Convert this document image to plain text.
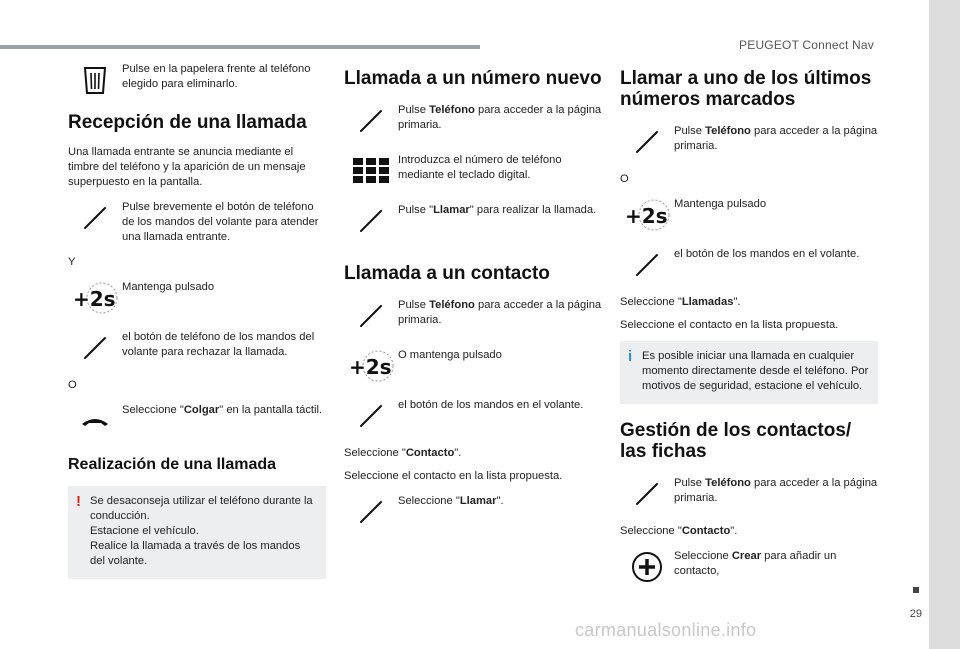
PEUGEOT Connect Nav
29
carmanualsonline.info
Pulse en la papelera frente al teléfono elegido para eliminarlo.
Recepción de una llamada
Una llamada entrante se anuncia mediante el timbre del teléfono y la aparición de un mensaje superpuesto en la pantalla.
Pulse brevemente el botón de teléfono de los mandos del volante para atender una llamada entrante.
Y
+2s Mantenga pulsado
el botón de teléfono de los mandos del volante para rechazar la llamada.
O
Seleccione "Colgar" en la pantalla táctil.
Realización de una llamada
! Se desaconseja utilizar el teléfono durante la conducción.
Estacione el vehículo.
Realice la llamada a través de los mandos del volante.
Llamada a un número nuevo
Pulse Teléfono para acceder a la página primaria.
Introduzca el número de teléfono mediante el teclado digital.
Pulse "Llamar" para realizar la llamada.
Llamada a un contacto
Pulse Teléfono para acceder a la página primaria.
+2s O mantenga pulsado
el botón de los mandos en el volante.
Seleccione "Contacto".
Seleccione el contacto en la lista propuesta.
Seleccione "Llamar".
Llamar a uno de los últimos números marcados
Pulse Teléfono para acceder a la página primaria.
O
+2s Mantenga pulsado
el botón de los mandos en el volante.
Seleccione "Llamadas".
Seleccione el contacto en la lista propuesta.
i Es posible iniciar una llamada en cualquier momento directamente desde el teléfono. Por motivos de seguridad, estacione el vehículo.
Gestión de los contactos/ las fichas
Pulse Teléfono para acceder a la página primaria.
Seleccione "Contacto".
Seleccione Crear para añadir un contacto,
